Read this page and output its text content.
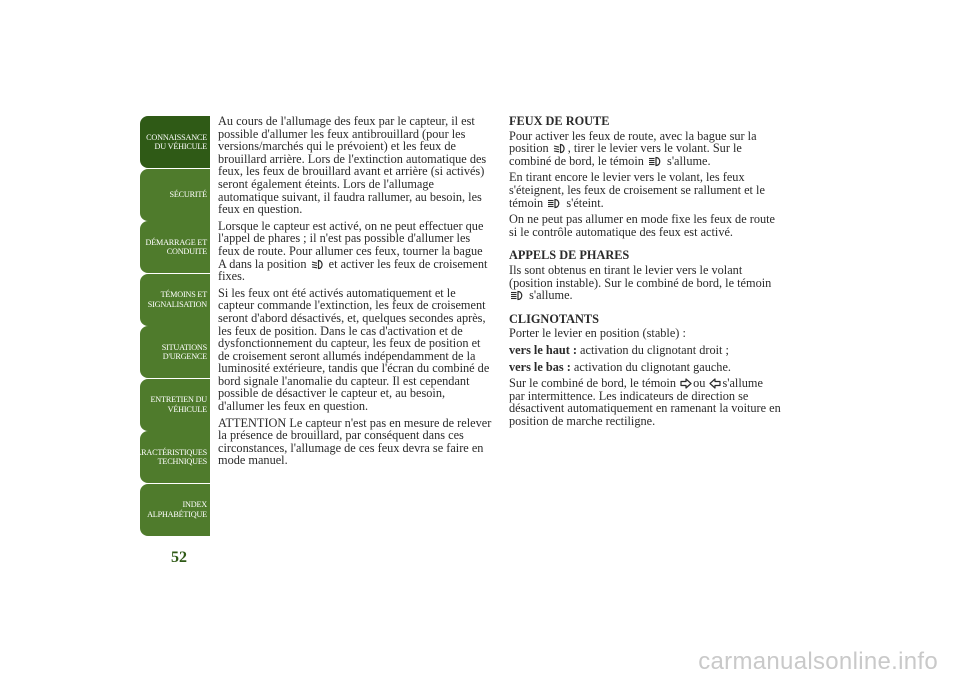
CONNAISSANCE DU VÉHICULE
SÉCURITÉ
DÉMARRAGE ET CONDUITE
TÉMOINS ET SIGNALISATION
SITUATIONS D'URGENCE
ENTRETIEN DU VÉHICULE
CARACTÉRISTIQUES TECHNIQUES
INDEX ALPHABÉTIQUE
52

Au cours de l'allumage des feux par le capteur, il est possible d'allumer les feux antibrouillard (pour les versions/marchés qui le prévoient) et les feux de brouillard arrière. Lors de l'extinction automatique des feux, les feux de brouillard avant et arrière (si activés) seront également éteints. Lors de l'allumage automatique suivant, il faudra rallumer, au besoin, les feux en question.

Lorsque le capteur est activé, on ne peut effectuer que l'appel de phares ; il n'est pas possible d'allumer les feux de route. Pour allumer ces feux, tourner la bague A dans la position et activer les feux de croisement fixes.

Si les feux ont été activés automatiquement et le capteur commande l'extinction, les feux de croisement seront d'abord désactivés, et, quelques secondes après, les feux de position. Dans le cas d'activation et de dysfonctionnement du capteur, les feux de position et de croisement seront allumés indépendamment de la luminosité extérieure, tandis que l'écran du combiné de bord signale l'anomalie du capteur. Il est cependant possible de désactiver le capteur et, au besoin, d'allumer les feux en question.

ATTENTION Le capteur n'est pas en mesure de relever la présence de brouillard, par conséquent dans ces circonstances, l'allumage de ces feux devra se faire en mode manuel.

FEUX DE ROUTE

Pour activer les feux de route, avec la bague sur la position , tirer le levier vers le volant. Sur le combiné de bord, le témoin s'allume.

En tirant encore le levier vers le volant, les feux s'éteignent, les feux de croisement se rallument et le témoin s'éteint.

On ne peut pas allumer en mode fixe les feux de route si le contrôle automatique des feux est activé.

APPELS DE PHARES

Ils sont obtenus en tirant le levier vers le volant (position instable). Sur le combiné de bord, le témoin
s'allume.

CLIGNOTANTS

Porter le levier en position (stable) :

vers le haut : activation du clignotant droit ;

vers le bas : activation du clignotant gauche.

Sur le combiné de bord, le témoin ou s'allume par intermittence. Les indicateurs de direction se désactivent automatiquement en ramenant la voiture en position de marche rectiligne.

carmanualsonline.info
